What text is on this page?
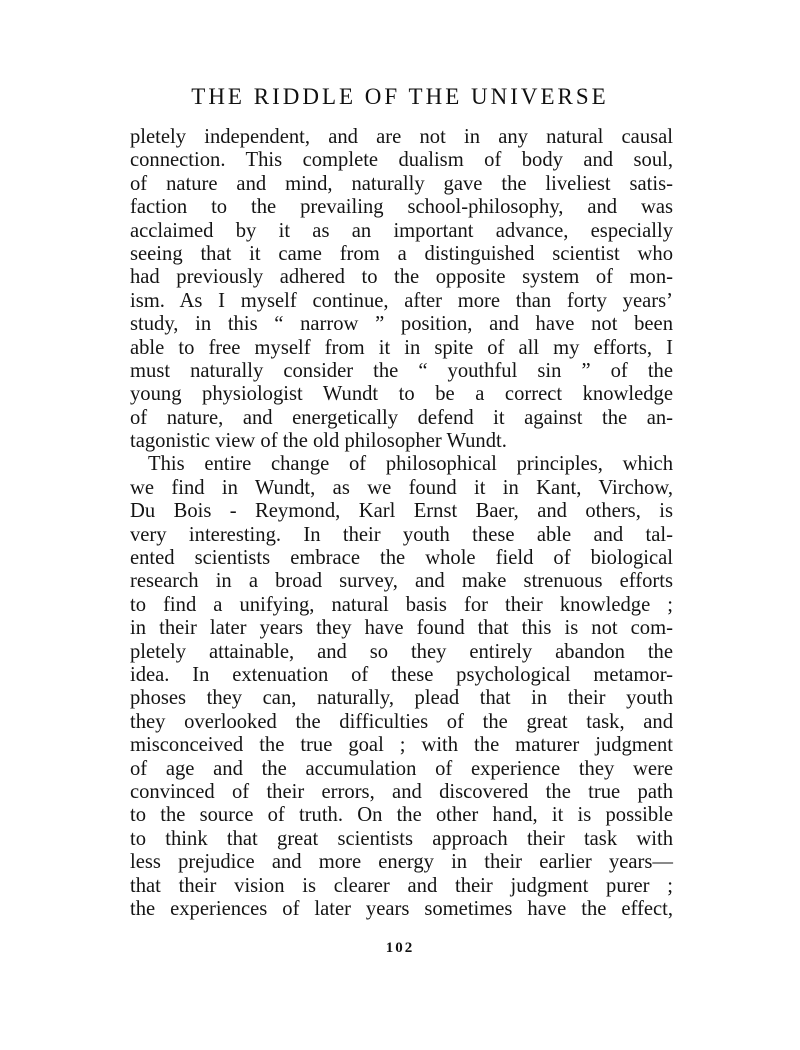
THE RIDDLE OF THE UNIVERSE
pletely independent, and are not in any natural causal
connection. This complete dualism of body and soul,
of nature and mind, naturally gave the liveliest satis-
faction to the prevailing school-philosophy, and was
acclaimed by it as an important advance, especially
seeing that it came from a distinguished scientist who
had previously adhered to the opposite system of mon-
ism. As I myself continue, after more than forty years’
study, in this “ narrow ” position, and have not been
able to free myself from it in spite of all my efforts, I
must naturally consider the “ youthful sin ” of the
young physiologist Wundt to be a correct knowledge
of nature, and energetically defend it against the an-
tagonistic view of the old philosopher Wundt.
This entire change of philosophical principles, which
we find in Wundt, as we found it in Kant, Virchow,
Du Bois - Reymond, Karl Ernst Baer, and others, is
very interesting. In their youth these able and tal-
ented scientists embrace the whole field of biological
research in a broad survey, and make strenuous efforts
to find a unifying, natural basis for their knowledge ;
in their later years they have found that this is not com-
pletely attainable, and so they entirely abandon the
idea. In extenuation of these psychological metamor-
phoses they can, naturally, plead that in their youth
they overlooked the difficulties of the great task, and
misconceived the true goal ; with the maturer judgment
of age and the accumulation of experience they were
convinced of their errors, and discovered the true path
to the source of truth. On the other hand, it is possible
to think that great scientists approach their task with
less prejudice and more energy in their earlier years—
that their vision is clearer and their judgment purer ;
the experiences of later years sometimes have the effect,
102
